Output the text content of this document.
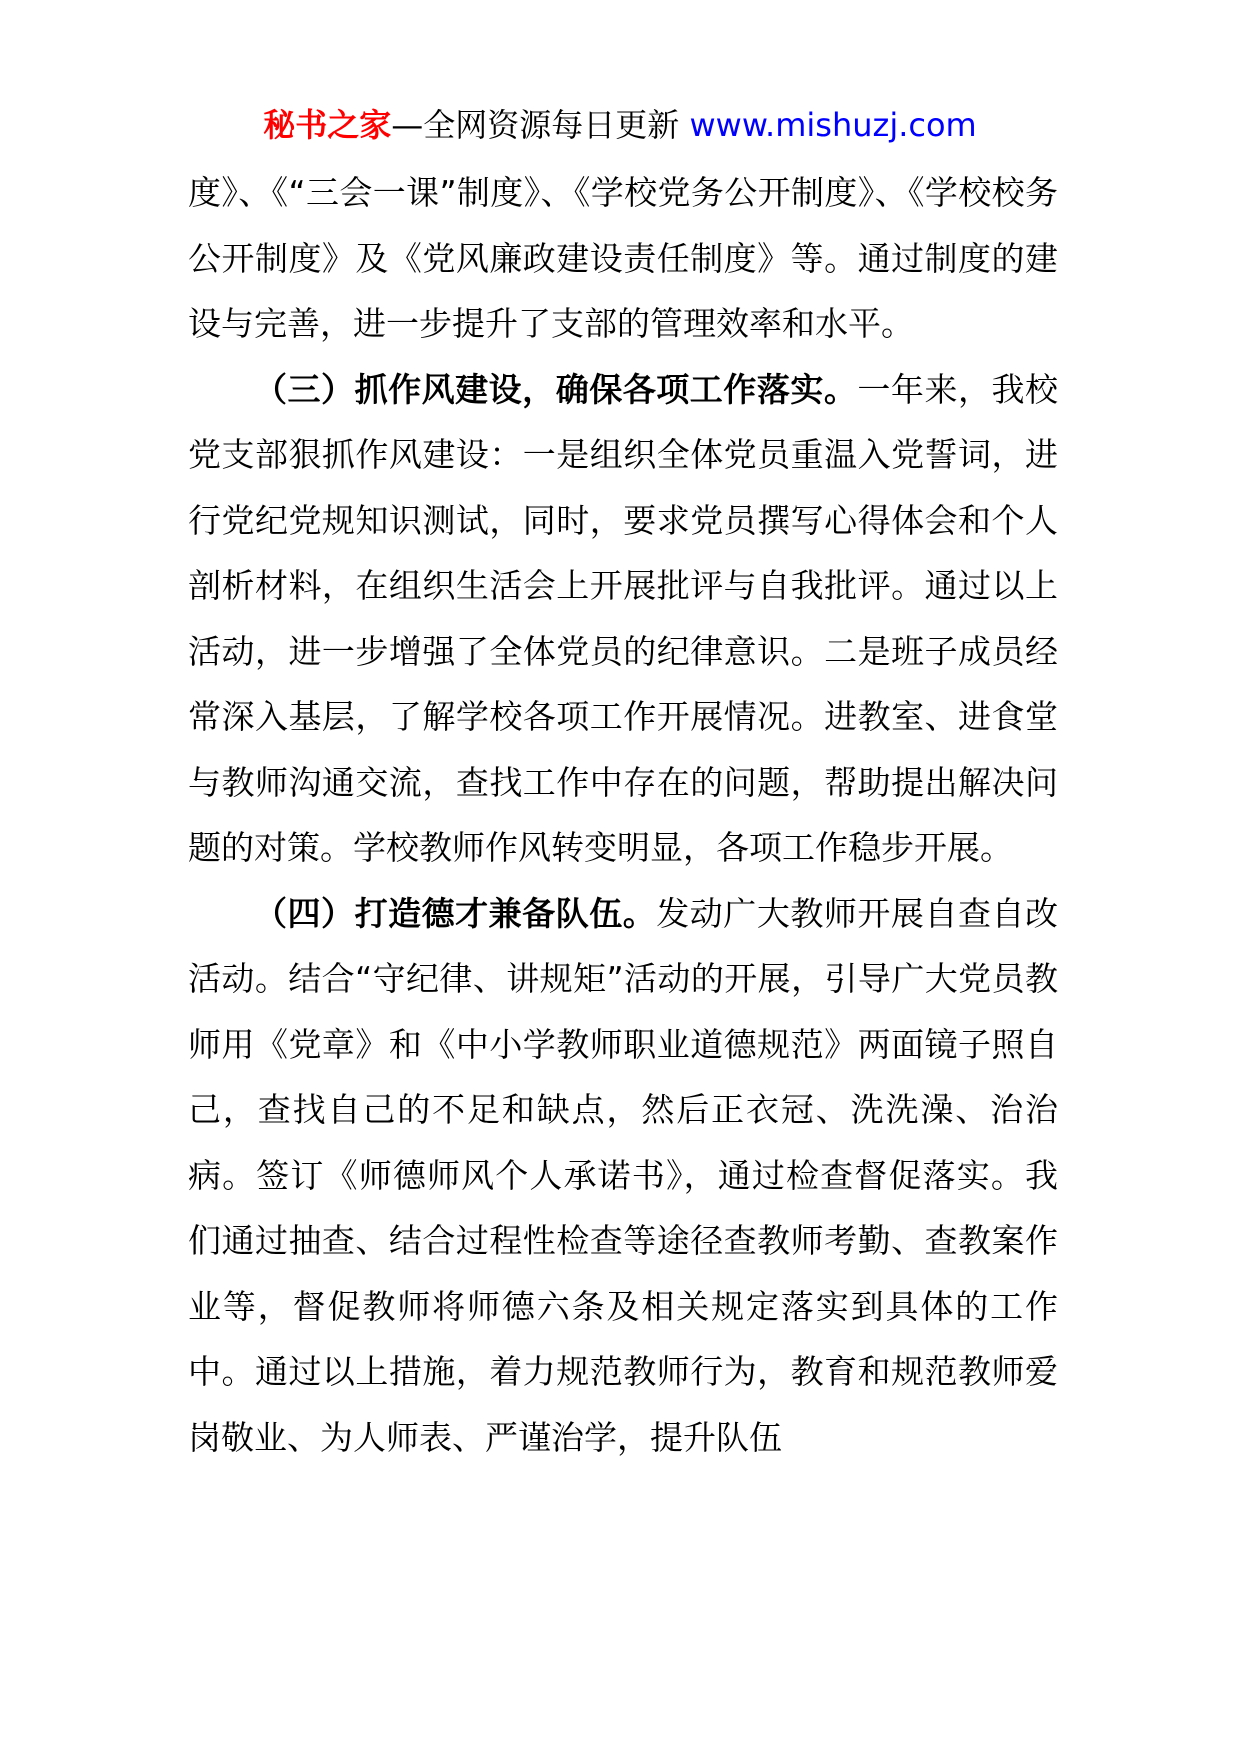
秘书之家—全网资源每日更新 www.mishuzj.com

度》、《“三会一课”制度》、《学校党务公开制度》、《学校校务公开制度》及《党风廉政建设责任制度》等。通过制度的建设与完善，进一步提升了支部的管理效率和水平。

（三）抓作风建设，确保各项工作落实。一年来，我校党支部狠抓作风建设：一是组织全体党员重温入党誓词，进行党纪党规知识测试，同时，要求党员撰写心得体会和个人剖析材料，在组织生活会上开展批评与自我批评。通过以上活动，进一步增强了全体党员的纪律意识。二是班子成员经常深入基层，了解学校各项工作开展情况。进教室、进食堂与教师沟通交流，查找工作中存在的问题，帮助提出解决问题的对策。学校教师作风转变明显，各项工作稳步开展。

（四）打造德才兼备队伍。发动广大教师开展自查自改活动。结合“守纪律、讲规矩”活动的开展，引导广大党员教师用《党章》和《中小学教师职业道德规范》两面镜子照自己，查找自己的不足和缺点，然后正衣冠、洗洗澡、治治病。签订《师德师风个人承诺书》，通过检查督促落实。我们通过抽查、结合过程性检查等途径查教师考勤、查教案作业等，督促教师将师德六条及相关规定落实到具体的工作中。通过以上措施，着力规范教师行为，教育和规范教师爱岗敬业、为人师表、严谨治学，提升队伍
